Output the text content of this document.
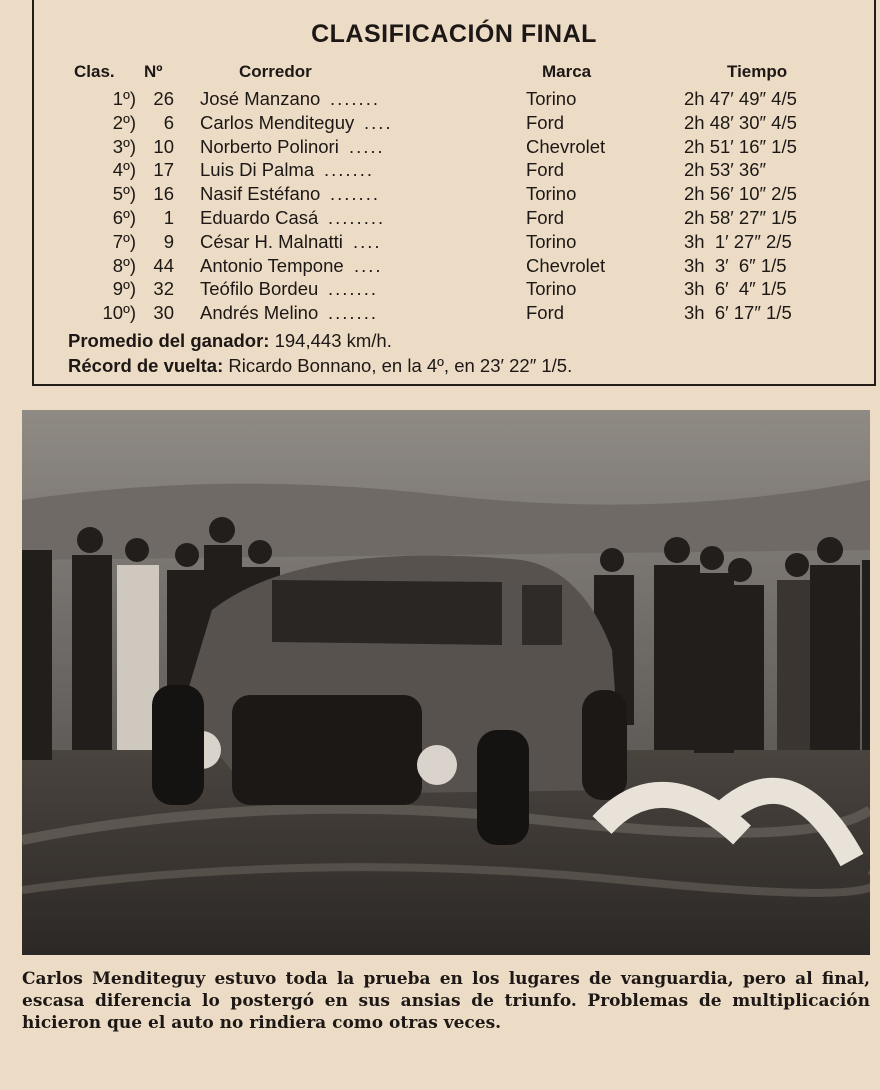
CLASIFICACIÓN FINAL
Clas. Nº	Corredor	Marca	Tiempo
1º) 26 José Manzano .......	Torino	2h 47′ 49″ 4/5
2º)	6 Carlos Menditeguy ....	Ford	2h 48′ 30″ 4/5
3º) 10 Norberto Polinori .....	Chevrolet	2h 51′ 16″ 1/5
4º) 17 Luis Di Palma .......	Ford	2h 53′ 36″
5º) 16 Nasif Estéfano .......	Torino	2h 56′ 10″ 2/5
6º)	1 Eduardo Casá ........	Ford	2h 58′ 27″ 1/5
7º)	9 César H. Malnatti ....	Torino	3h  1′ 27″ 2/5
8º) 44 Antonio Tempone ....	Chevrolet	3h  3′  6″ 1/5
9º) 32 Teófilo Bordeu .......	Torino	3h  6′  4″ 1/5
10º) 30 Andrés Melino .......	Ford	3h  6′ 17″ 1/5
Promedio del ganador: 194,443 km/h.
Récord de vuelta: Ricardo Bonnano, en la 4º, en 23′ 22″ 1/5.
Carlos Menditeguy estuvo toda la prueba en los lugares de vanguardia, pero al final, escasa diferencia lo postergó en sus ansias de triunfo. Problemas de multiplicación hicieron que el auto no rindiera como otras veces.
